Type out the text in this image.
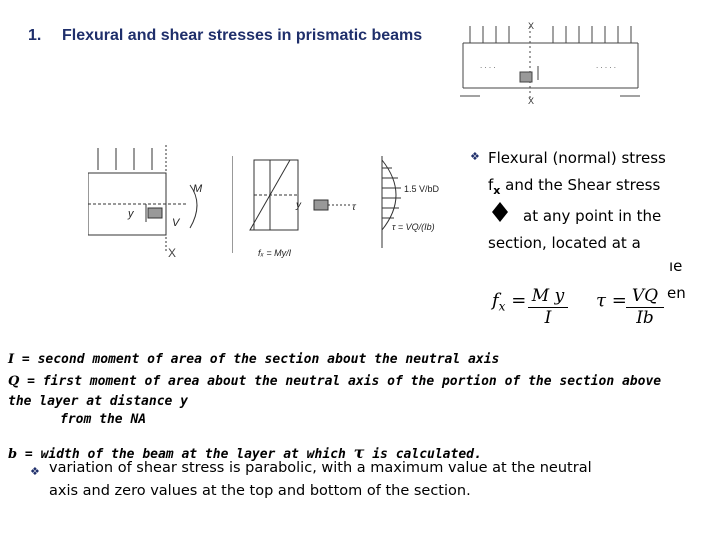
1. Flexural and shear stresses in prismatic beams
X
X
. . . .	. . . . .
V
M
y
X
y	τ
fₓ = My/I
1.5 V/bD
τ = VQ/(Ib)
❖ Flexural (normal) stress
$f_x$ and the Shear stress
at any point in the
section, located at a
ıe
en
$f_x = \frac{\text{M y}}{I}$ $\tau = \frac{VQ}{Ib}$
I = second moment of area of the section about the neutral axis
Q = first moment of area about the neutral axis of the portion of the section above
the layer at distance y
from the NA
b = width of the beam at the layer at which τ is calculated.
❖ variation of shear stress is parabolic, with a maximum value at the neutral
axis and zero values at the top and bottom of the section.
